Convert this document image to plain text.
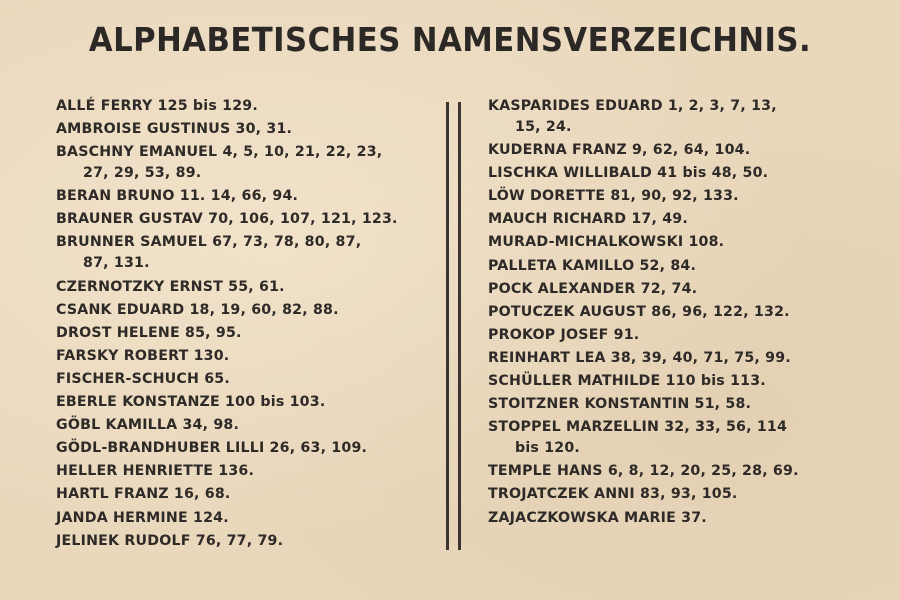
ALPHABETISCHES NAMENSVERZEICHNIS.
ALLÉ FERRY 125 bis 129.
AMBROISE GUSTINUS 30, 31.
BASCHNY EMANUEL 4, 5, 10, 21, 22, 23,
27, 29, 53, 89.
BERAN BRUNO 11. 14, 66, 94.
BRAUNER GUSTAV 70, 106, 107, 121, 123.
BRUNNER SAMUEL 67, 73, 78, 80, 87,
87, 131.
CZERNOTZKY ERNST 55, 61.
CSANK EDUARD 18, 19, 60, 82, 88.
DROST HELENE 85, 95.
FARSKY ROBERT 130.
FISCHER-SCHUCH 65.
EBERLE KONSTANZE 100 bis 103.
GÖBL KAMILLA 34, 98.
GÖDL-BRANDHUBER LILLI 26, 63, 109.
HELLER HENRIETTE 136.
HARTL FRANZ 16, 68.
JANDA HERMINE 124.
JELINEK RUDOLF 76, 77, 79.
KASPARIDES EDUARD 1, 2, 3, 7, 13,
15, 24.
KUDERNA FRANZ 9, 62, 64, 104.
LISCHKA WILLIBALD 41 bis 48, 50.
LÖW DORETTE 81, 90, 92, 133.
MAUCH RICHARD 17, 49.
MURAD-MICHALKOWSKI 108.
PALLETA KAMILLO 52, 84.
POCK ALEXANDER 72, 74.
POTUCZEK AUGUST 86, 96, 122, 132.
PROKOP JOSEF 91.
REINHART LEA 38, 39, 40, 71, 75, 99.
SCHÜLLER MATHILDE 110 bis 113.
STOITZNER KONSTANTIN 51, 58.
STOPPEL MARZELLIN 32, 33, 56, 114
bis 120.
TEMPLE HANS 6, 8, 12, 20, 25, 28, 69.
TROJATCZEK ANNI 83, 93, 105.
ZAJACZKOWSKA MARIE 37.
